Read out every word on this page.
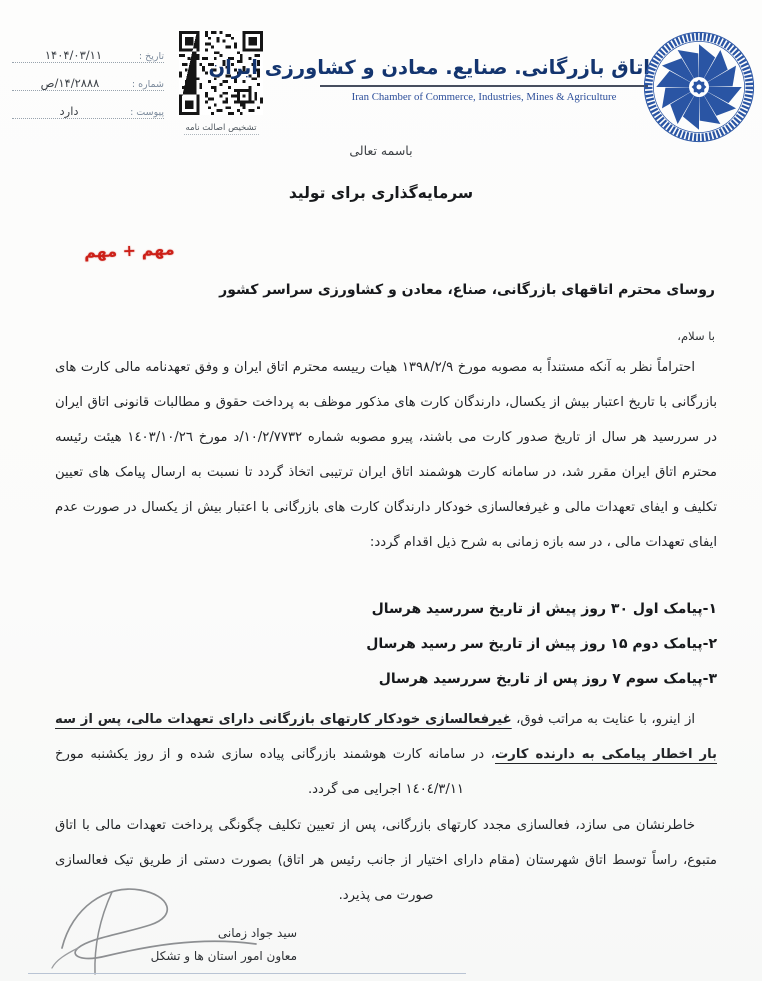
تاریخ :
۱۴۰۴/۰۳/۱۱
شماره :
۱۴/۲۸۸۸/ص
پیوست :
دارد
تشخیص اصالت نامه
اتاق بازرگانی. صنایع. معادن و کشاورزی ایران
Iran Chamber of Commerce, Industries, Mines & Agriculture
باسمه تعالی
سرمایه‌گذاری برای تولید
مهم + مهم
روسای محترم اتاقهای بازرگانی، صناع، معادن و کشاورزی سراسر کشور
با سلام،
احتراماً نظر به آنکه مستنداً به مصوبه مورخ ۱۳۹۸/۲/۹ هیات رییسه محترم اتاق ایران و وفق تعهدنامه مالی کارت های بازرگانی با تاریخ اعتبار بیش از یکسال، دارندگان کارت های مذکور موظف به پرداخت حقوق و مطالبات قانونی اتاق ایران در سررسید هر سال از تاریخ صدور کارت می باشند، پیرو مصوبه شماره ۱۰/۲/۷۷۳۲/د مورخ ١٤٠٣/١٠/٢٦ هیئت رئیسه محترم اتاق ایران مقرر شد، در سامانه کارت هوشمند اتاق ایران ترتیبی اتخاذ گردد تا نسبت به ارسال پیامک های تعیین تکلیف و ایفای تعهدات مالی و غیرفعالسازی خودکار دارندگان کارت های بازرگانی با اعتبار بیش از یکسال در صورت عدم ایفای تعهدات مالی ، در سه بازه زمانی به شرح ذیل اقدام گردد:
۱-پیامک اول ۳۰ روز پیش از تاریخ سررسید هرسال
۲-پیامک دوم ۱۵ روز پیش از تاریخ سر رسید هرسال
۳-پیامک سوم ۷ روز پس از تاریخ سررسید هرسال
از اینرو، با عنایت به مراتب فوق، غیرفعالسازی خودکار کارتهای بازرگانی دارای تعهدات مالی، پس از سه بار اخطار پیامکی به دارنده کارت، در سامانه کارت هوشمند بازرگانی پیاده سازی شده و از روز یکشنبه مورخ ١٤٠٤/٣/١١ اجرایی می گردد.
خاطرنشان می سازد، فعالسازی مجدد کارتهای بازرگانی، پس از تعیین تکلیف چگونگی پرداخت تعهدات مالی با اتاق متبوع، راساً توسط اتاق شهرستان (مقام دارای اختیار از جانب رئیس هر اتاق) بصورت دستی از طریق تیک فعالسازی صورت می پذیرد.
سید جواد زمانی
معاون امور استان ها و تشکل
